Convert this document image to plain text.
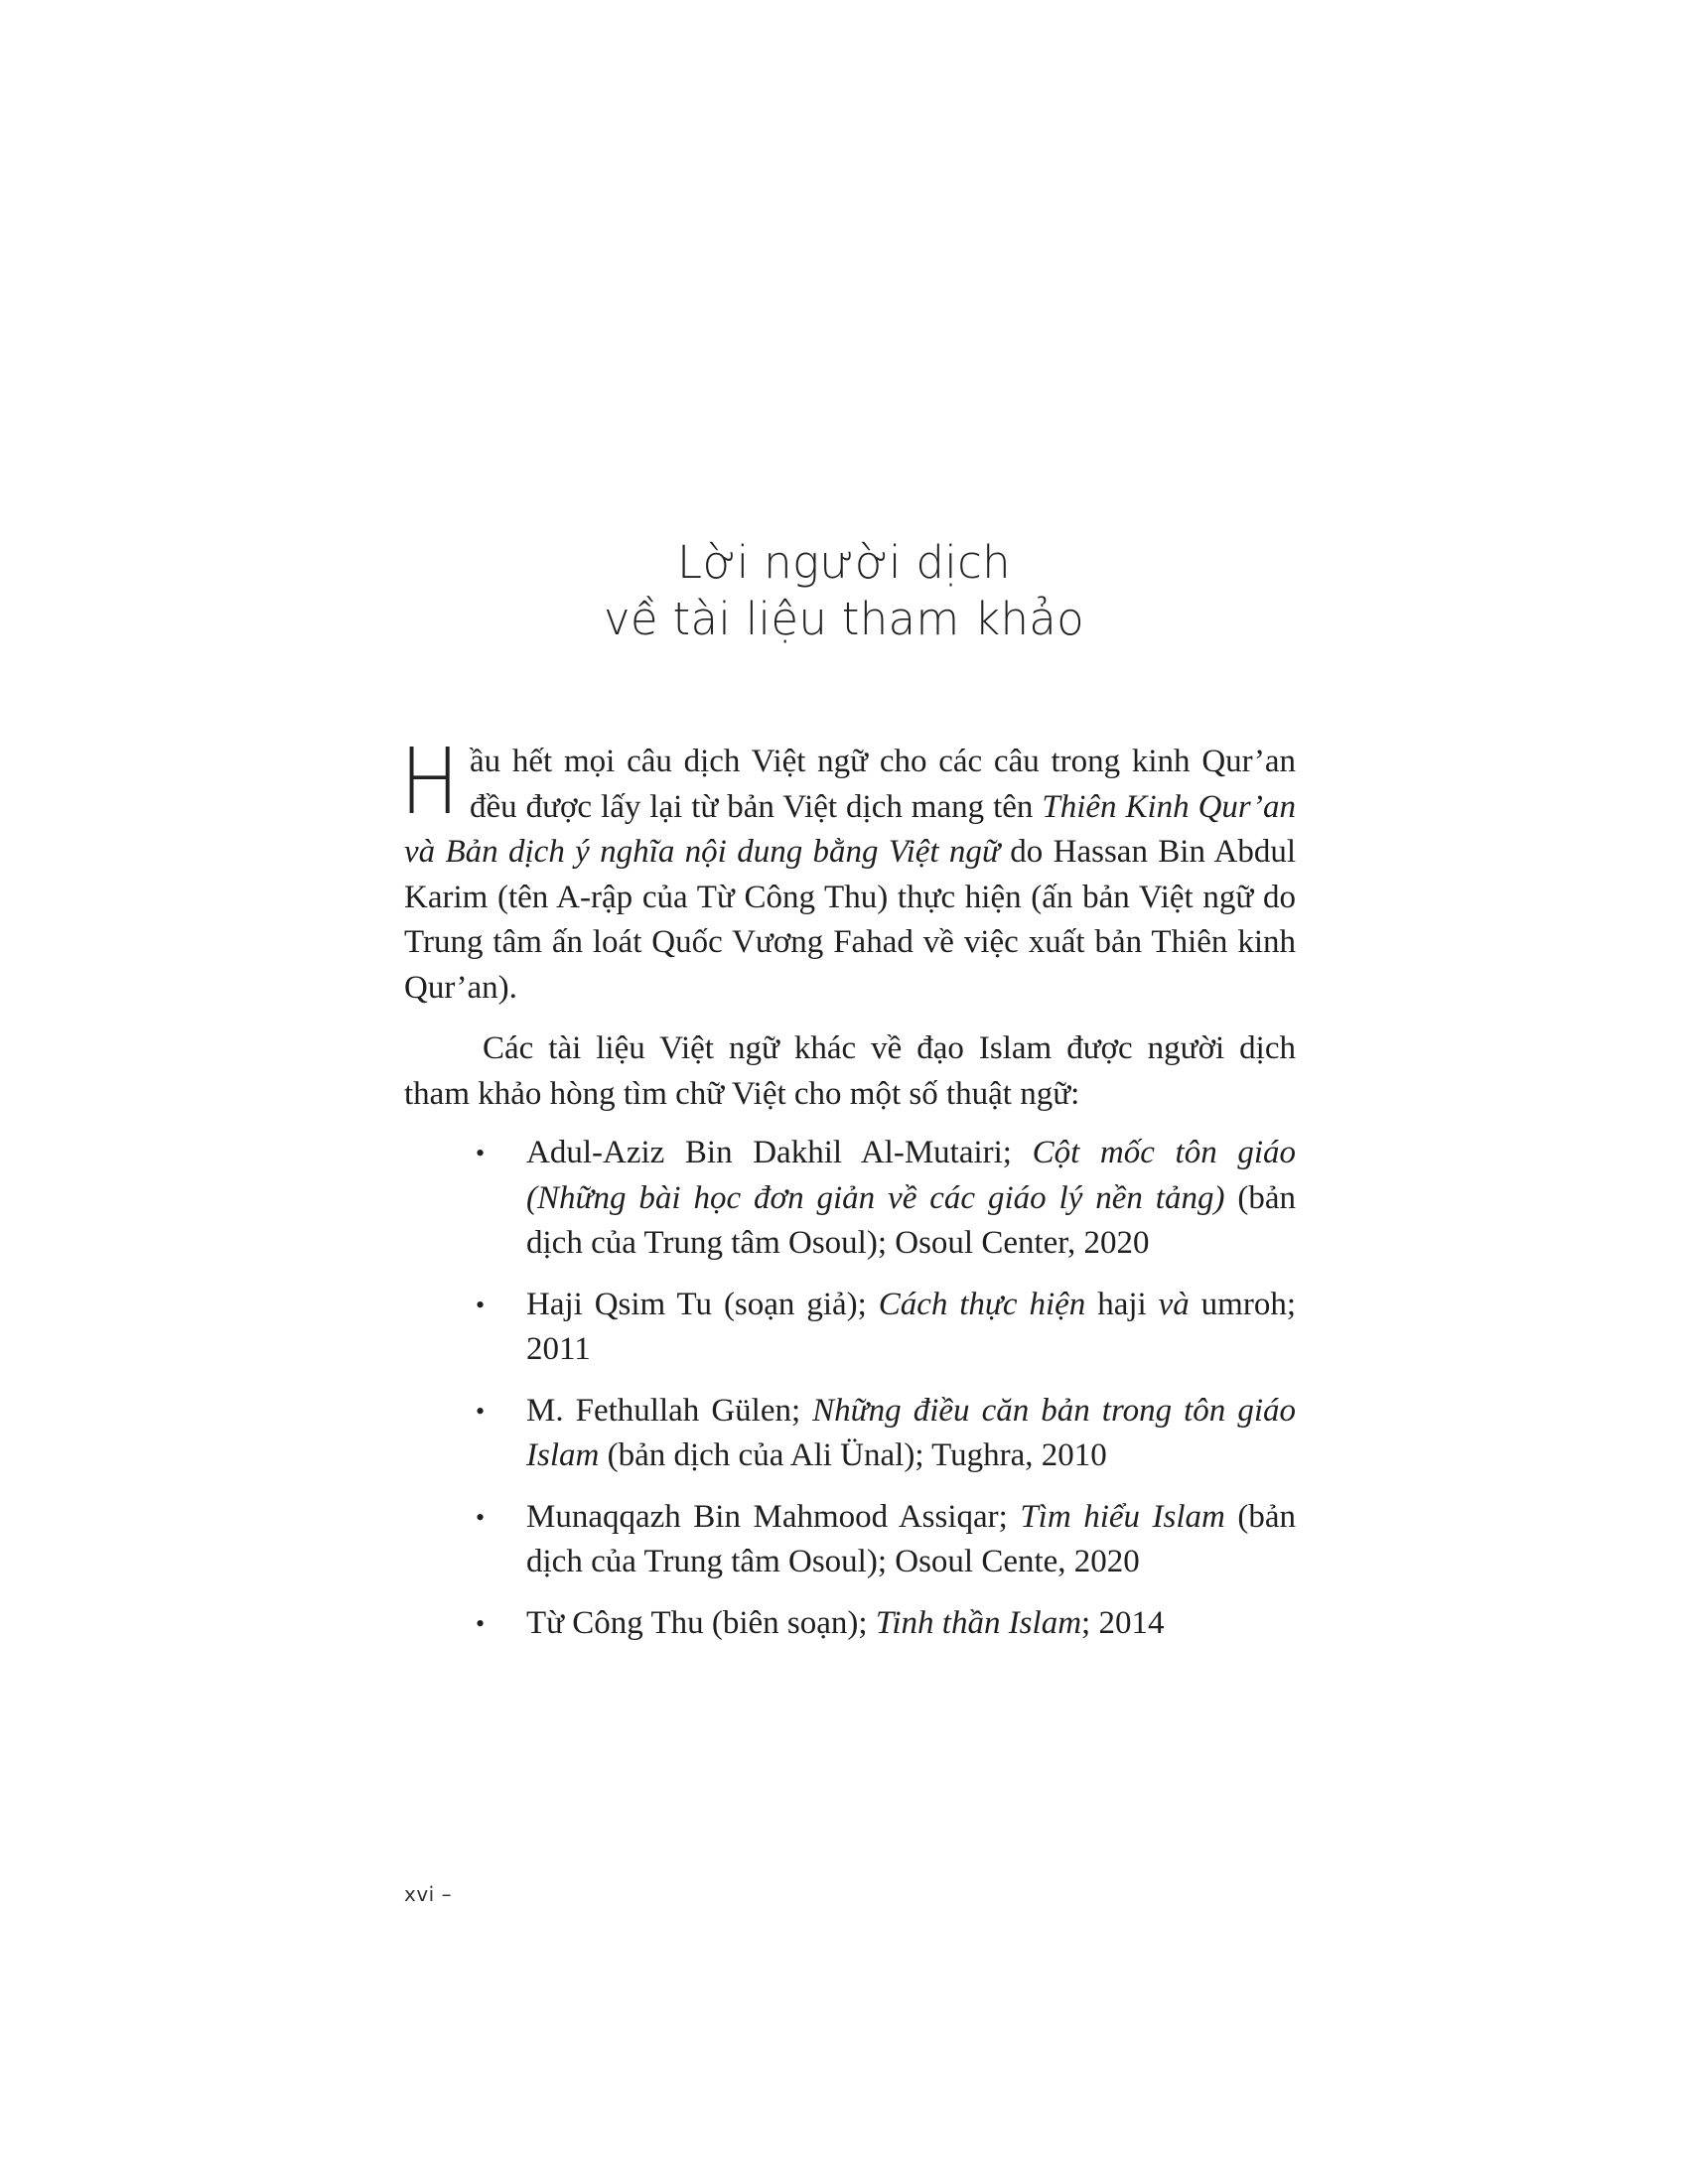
Lời người dịch
về tài liệu tham khảo

H ầu hết mọi câu dịch Việt ngữ cho các câu trong kinh Qur’an đều được lấy lại từ bản Việt dịch mang tên Thiên Kinh Qur’an và Bản dịch ý nghĩa nội dung bằng Việt ngữ do Hassan Bin Abdul Karim (tên A-rập của Từ Công Thu) thực hiện (ấn bản Việt ngữ do Trung tâm ấn loát Quốc Vương Fahad về việc xuất bản Thiên kinh Qur’an).

Các tài liệu Việt ngữ khác về đạo Islam được người dịch tham khảo hòng tìm chữ Việt cho một số thuật ngữ:

• Adul-Aziz Bin Dakhil Al-Mutairi; Cột mốc tôn giáo (Những bài học đơn giản về các giáo lý nền tảng) (bản dịch của Trung tâm Osoul); Osoul Center, 2020
• Haji Qsim Tu (soạn giả); Cách thực hiện haji và umroh; 2011
• M. Fethullah Gülen; Những điều căn bản trong tôn giáo Islam (bản dịch của Ali Ünal); Tughra, 2010
• Munaqqazh Bin Mahmood Assiqar; Tìm hiểu Islam (bản dịch của Trung tâm Osoul); Osoul Cente, 2020
• Từ Công Thu (biên soạn); Tinh thần Islam; 2014
xvi –
